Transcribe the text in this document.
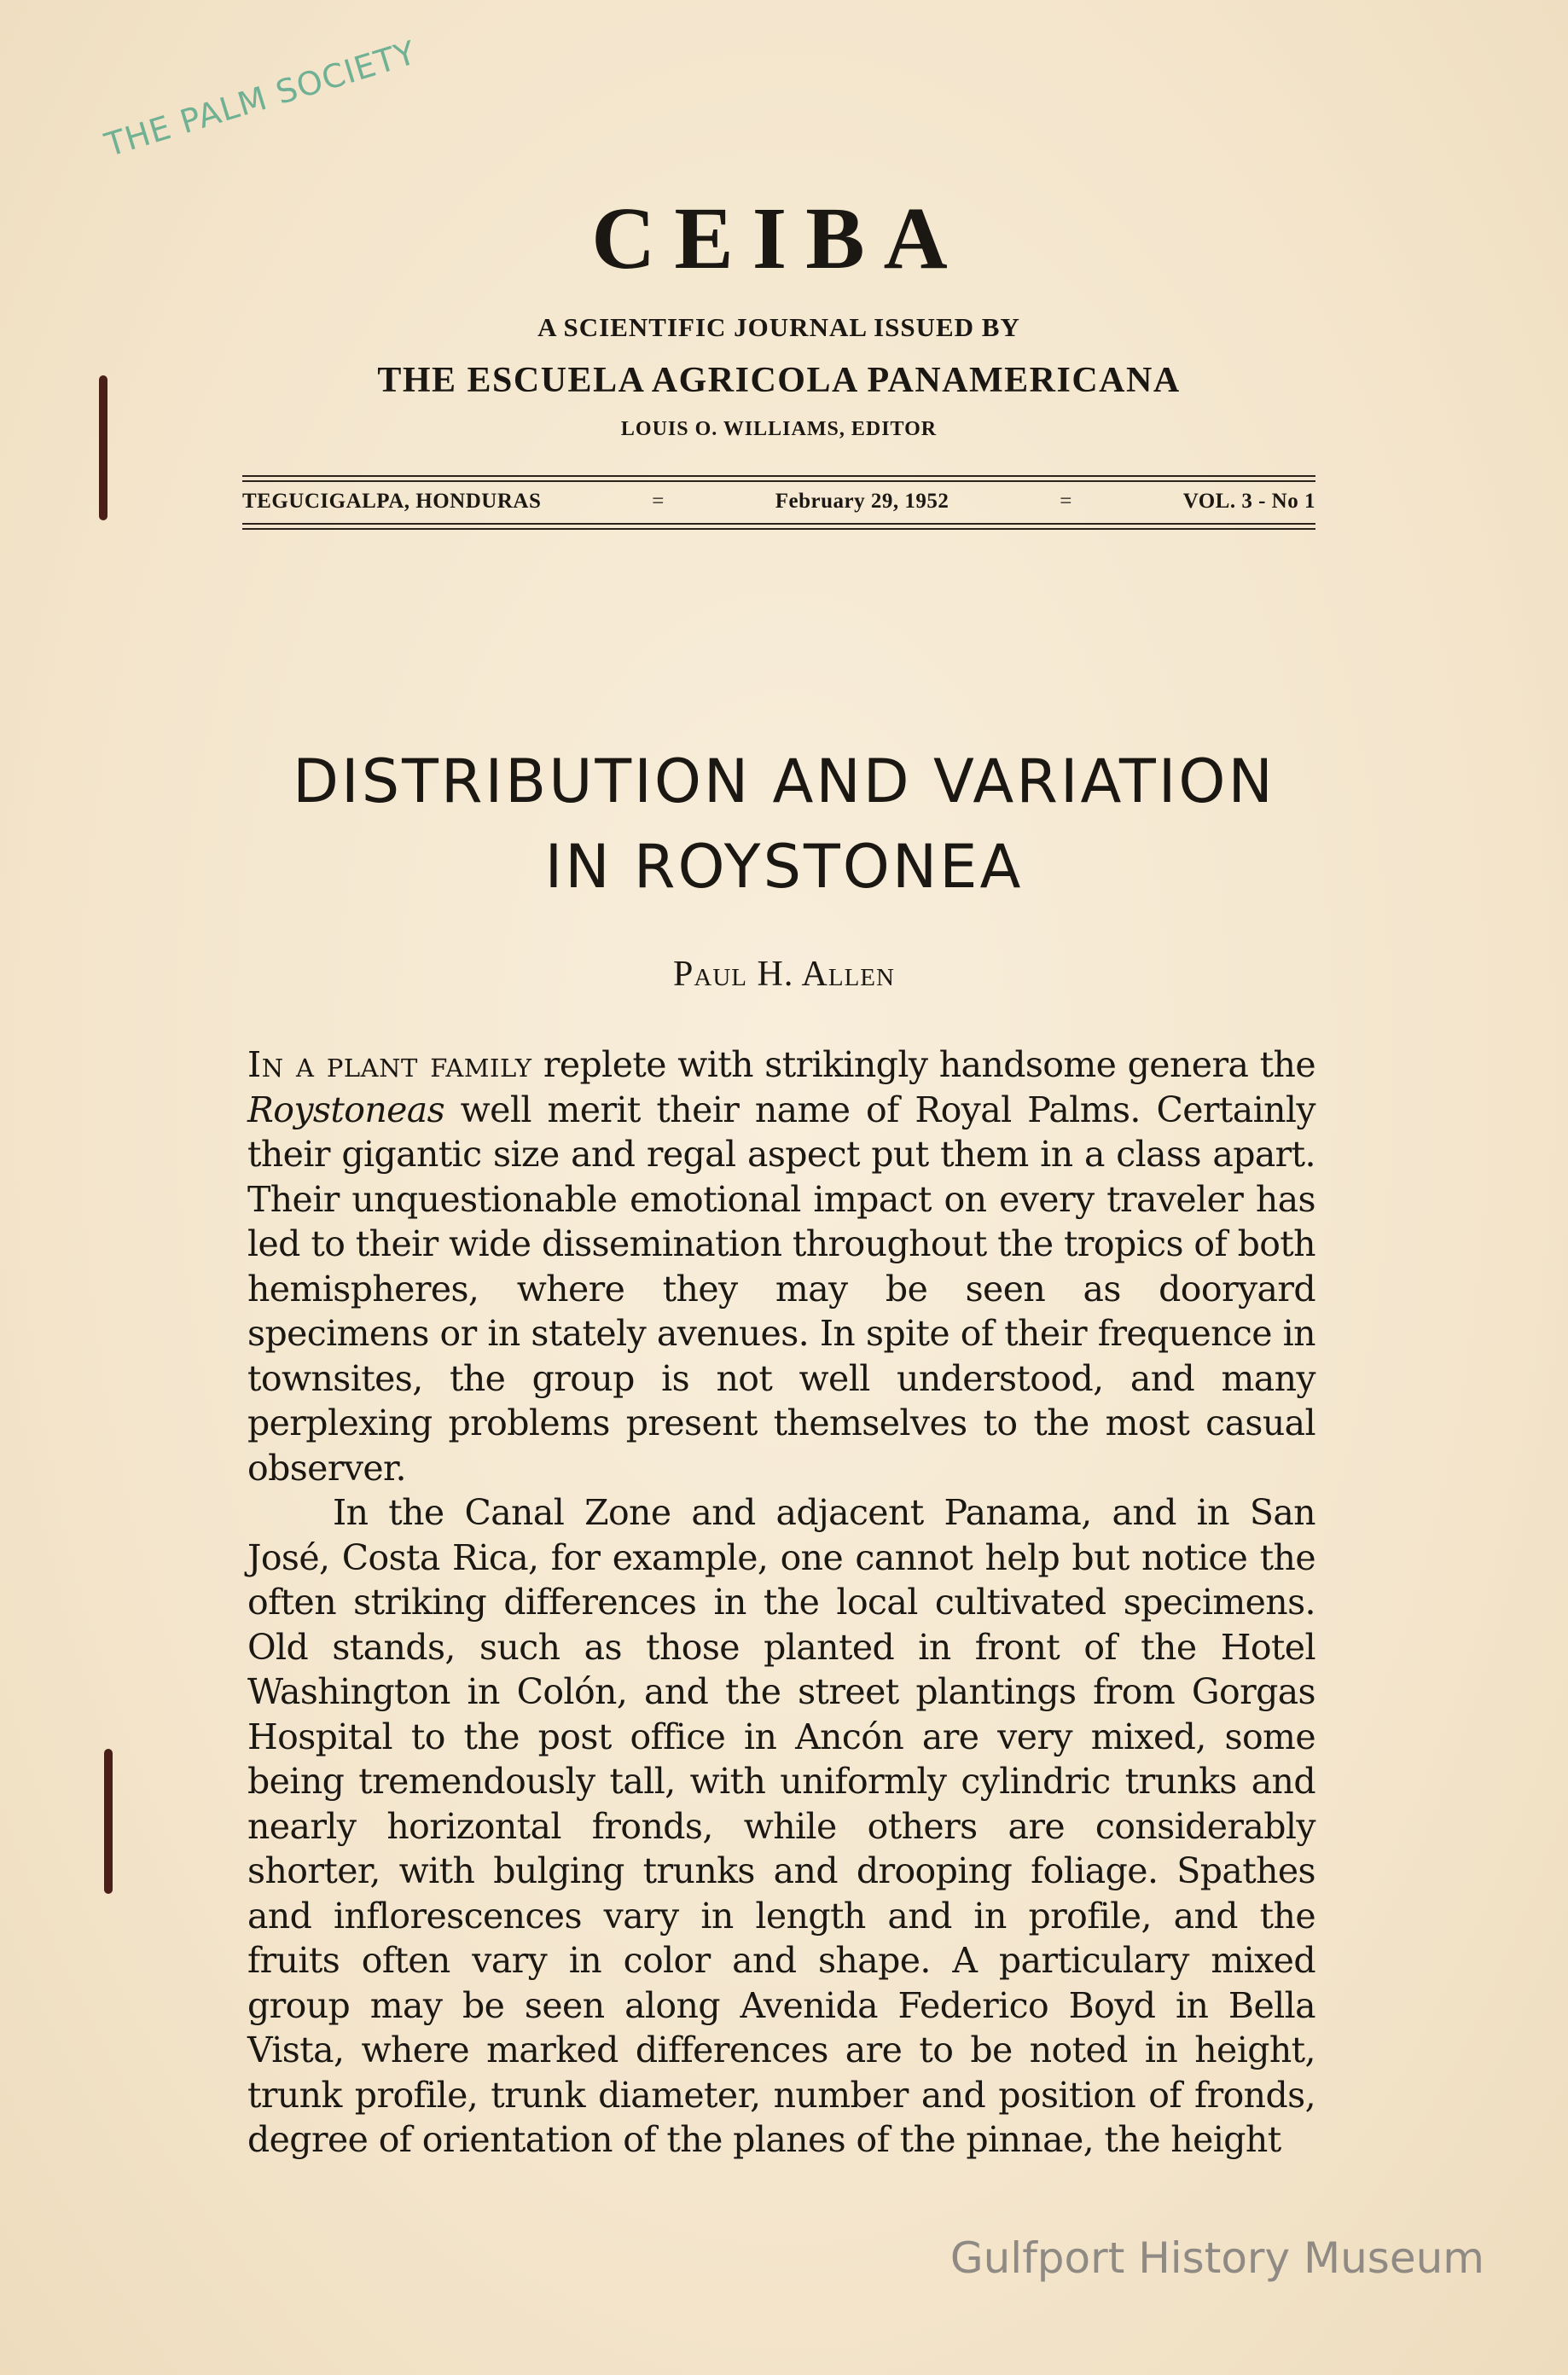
THE PALM SOCIETY
CEIBA
A SCIENTIFIC JOURNAL ISSUED BY
THE ESCUELA AGRICOLA PANAMERICANA
LOUIS O. WILLIAMS, EDITOR
TEGUCIGALPA, HONDURAS	=	February 29, 1952	=	VOL. 3 - No 1
DISTRIBUTION AND VARIATION
IN ROYSTONEA
Paul H. Allen

In a plant family replete with strikingly handsome genera the Roystoneas well merit their name of Royal Palms. Certainly their gigantic size and regal aspect put them in a class apart. Their unquestionable emotional impact on every traveler has led to their wide dissemination throughout the tropics of both hemispheres, where they may be seen as dooryard specimens or in stately avenues. In spite of their frequence in townsites, the group is not well understood, and many perplexing problems present themselves to the most casual observer.

In the Canal Zone and adjacent Panama, and in San José, Costa Rica, for example, one cannot help but notice the often striking differences in the local cultivated specimens. Old stands, such as those planted in front of the Hotel Washington in Colón, and the street plantings from Gorgas Hospital to the post office in Ancón are very mixed, some being tremendously tall, with uniformly cylindric trunks and nearly horizontal fronds, while others are considerably shorter, with bulging trunks and drooping foliage. Spathes and inflorescences vary in length and in profile, and the fruits often vary in color and shape. A particulary mixed group may be seen along Avenida Federico Boyd in Bella Vista, where marked differences are to be noted in height, trunk profile, trunk diameter, number and position of fronds, degree of orientation of the planes of the pinnae, the height

Gulfport History Museum
